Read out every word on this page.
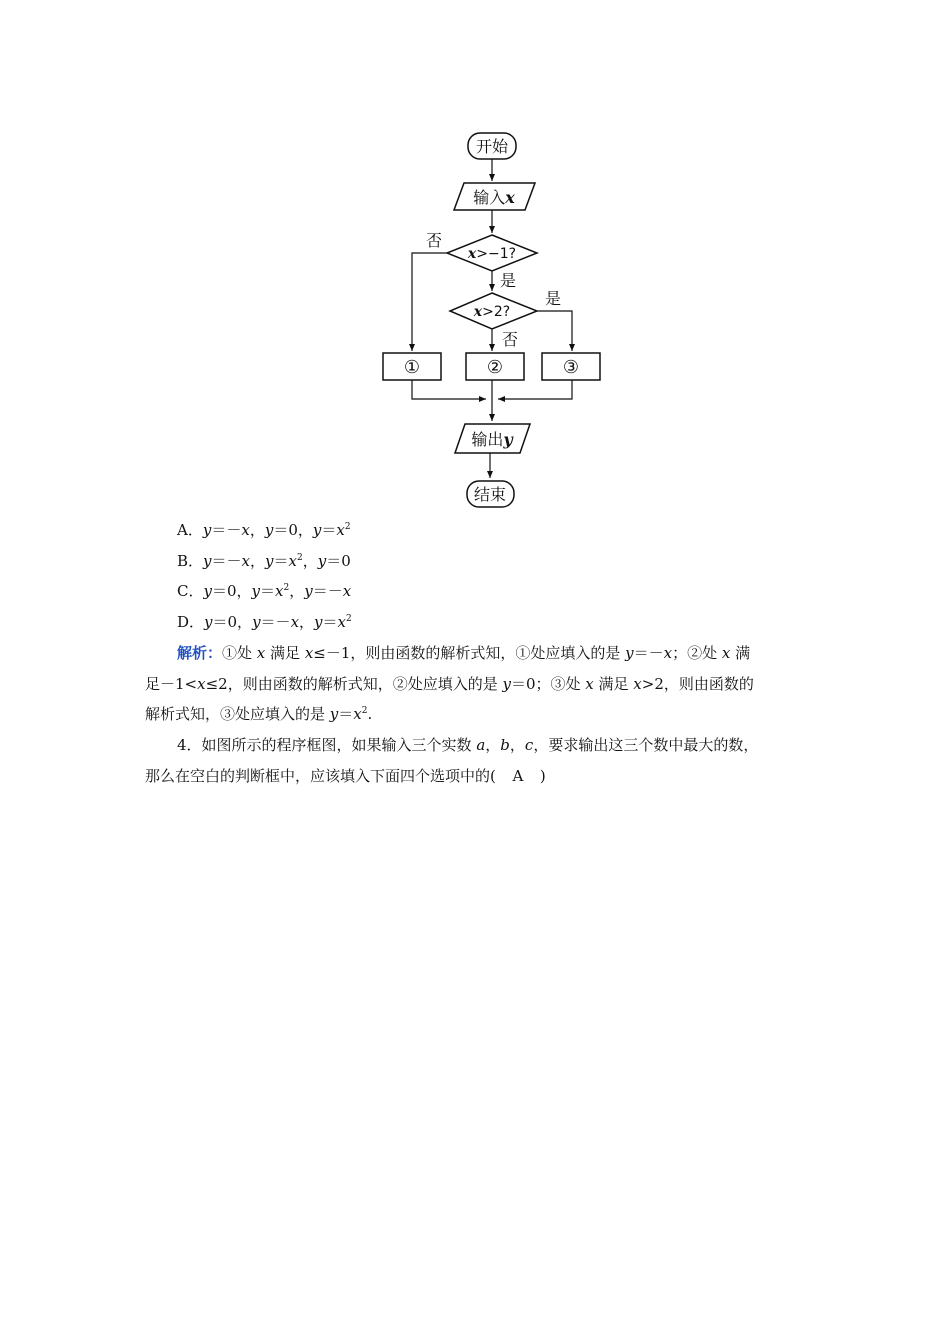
开始
输入x
x>−1?
否
是
x>2?
是
否
①	②	③
输出y
结束
A．y＝－x，y＝0，$y=x^2$
B．y＝－x，$y=x^2$，y＝0
C．y＝0，$y=x^2$，y＝－x
D．y＝0，y＝－x，$y=x^2$
解析：①处 x 满足 x≤－1，则由函数的解析式知，①处应填入的是 y＝－x；②处 x 满
足－1<x≤2，则由函数的解析式知，②处应填入的是 y＝0；③处 x 满足 x>2，则由函数的
解析式知，③处应填入的是 $y=x^2$.
4．如图所示的程序框图，如果输入三个实数 a，b，c，要求输出这三个数中最大的数，
那么在空白的判断框中，应该填入下面四个选项中的( A )
